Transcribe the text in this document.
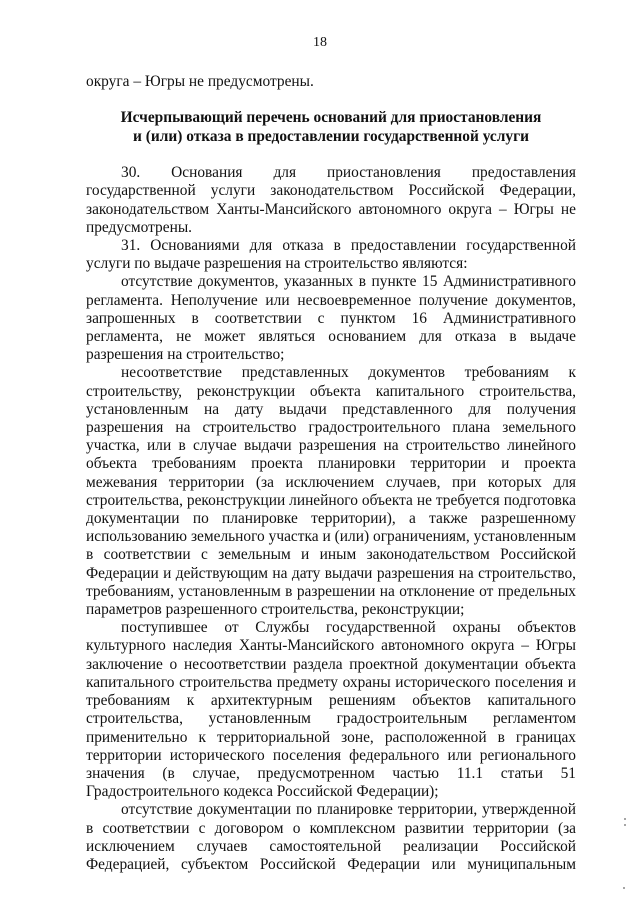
18
округа – Югры не предусмотрены.
Исчерпывающий перечень оснований для приостановления
и (или) отказа в предоставлении государственной услуги
30. Основания для приостановления предоставления
государственной услуги законодательством Российской Федерации,
законодательством Ханты-Мансийского автономного округа – Югры не
предусмотрены.
31. Основаниями для отказа в предоставлении государственной
услуги по выдаче разрешения на строительство являются:
отсутствие документов, указанных в пункте 15 Административного
регламента. Неполучение или несвоевременное получение документов,
запрошенных в соответствии с пунктом 16 Административного
регламента, не может являться основанием для отказа в выдаче
разрешения на строительство;
несоответствие представленных документов требованиям к
строительству, реконструкции объекта капитального строительства,
установленным на дату выдачи представленного для получения
разрешения на строительство градостроительного плана земельного
участка, или в случае выдачи разрешения на строительство линейного
объекта требованиям проекта планировки территории и проекта
межевания территории (за исключением случаев, при которых для
строительства, реконструкции линейного объекта не требуется подготовка
документации по планировке территории), а также разрешенному
использованию земельного участка и (или) ограничениям, установленным
в соответствии с земельным и иным законодательством Российской
Федерации и действующим на дату выдачи разрешения на строительство,
требованиям, установленным в разрешении на отклонение от предельных
параметров разрешенного строительства, реконструкции;
поступившее от Службы государственной охраны объектов
культурного наследия Ханты-Мансийского автономного округа – Югры
заключение о несоответствии раздела проектной документации объекта
капитального строительства предмету охраны исторического поселения и
требованиям к архитектурным решениям объектов капитального
строительства, установленным градостроительным регламентом
применительно к территориальной зоне, расположенной в границах
территории исторического поселения федерального или регионального
значения (в случае, предусмотренном частью 11.1 статьи 51
Градостроительного кодекса Российской Федерации);
отсутствие документации по планировке территории, утвержденной
в соответствии с договором о комплексном развитии территории (за
исключением случаев самостоятельной реализации Российской
Федерацией, субъектом Российской Федерации или муниципальным
